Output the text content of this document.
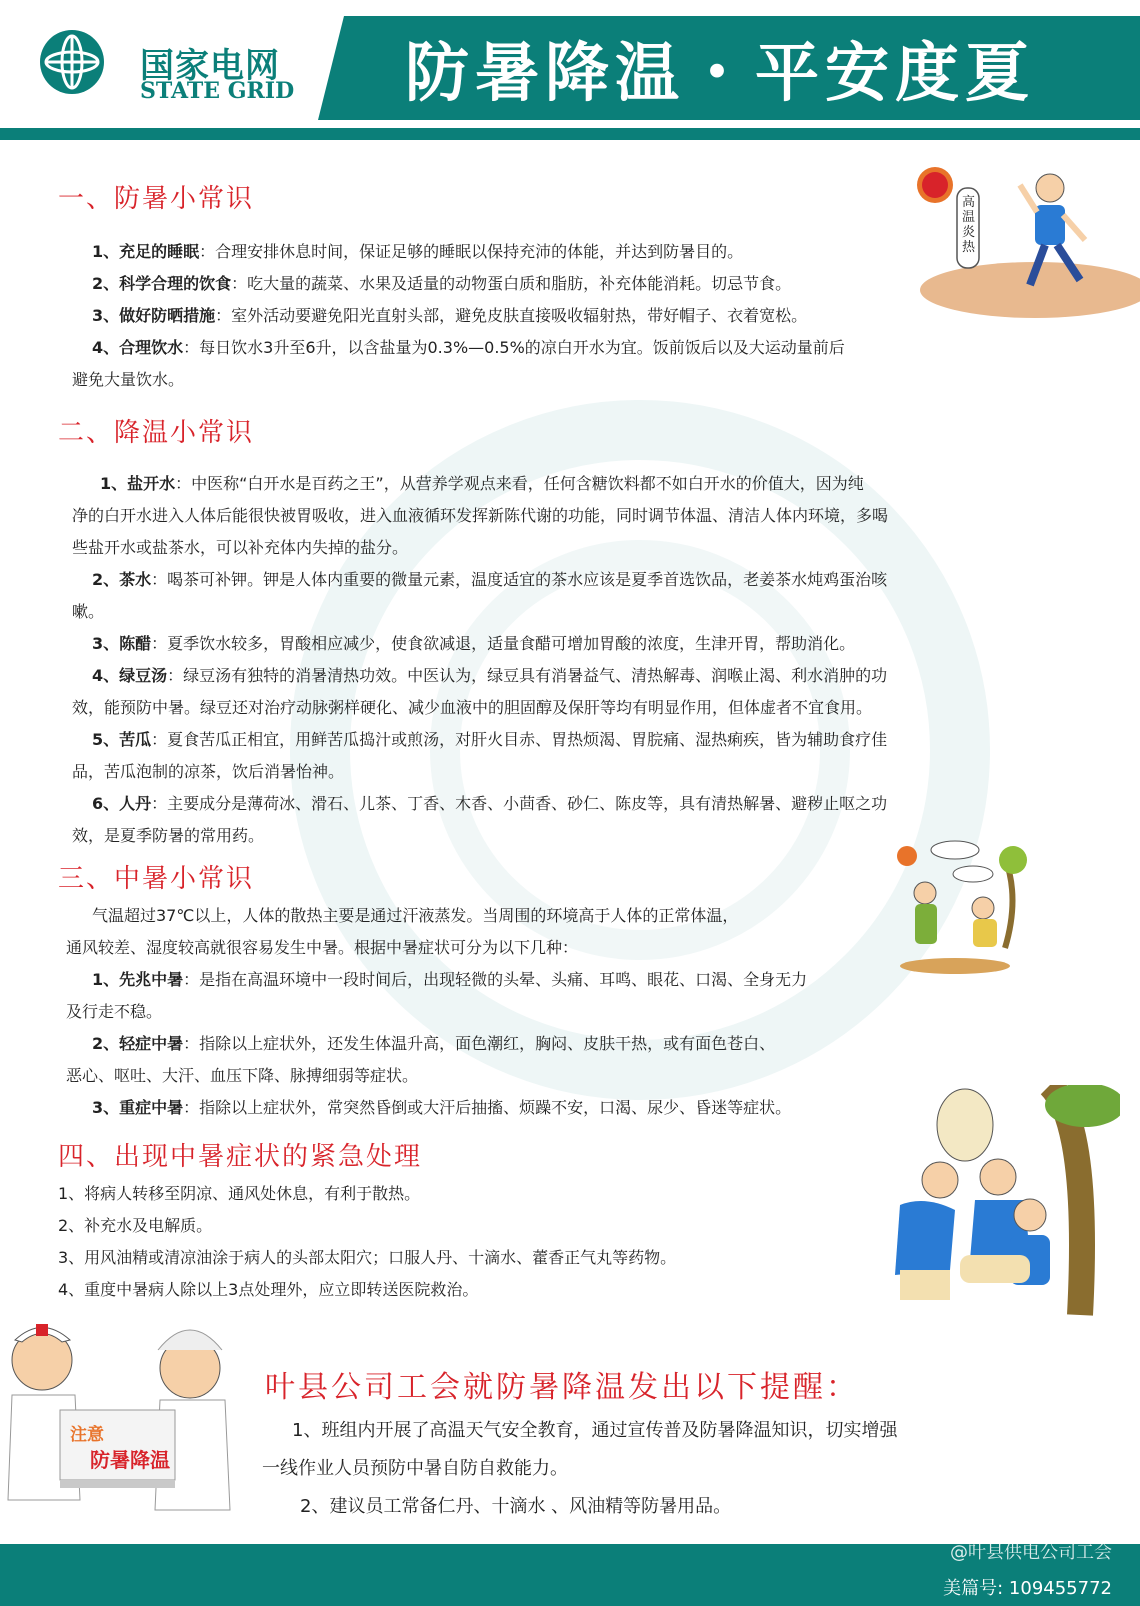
国家电网
STATE GRID 防暑降温・平安度夏
高温炎热
一、防暑小常识
1、充足的睡眠：合理安排休息时间，保证足够的睡眠以保持充沛的体能，并达到防暑目的。
2、科学合理的饮食：吃大量的蔬菜、水果及适量的动物蛋白质和脂肪，补充体能消耗。切忌节食。
3、做好防晒措施：室外活动要避免阳光直射头部，避免皮肤直接吸收辐射热，带好帽子、衣着宽松。
4、合理饮水：每日饮水3升至6升，以含盐量为0.3%—0.5%的凉白开水为宜。饭前饭后以及大运动量前后
避免大量饮水。
二、降温小常识
1、盐开水：中医称“白开水是百药之王”，从营养学观点来看，任何含糖饮料都不如白开水的价值大，因为纯
净的白开水进入人体后能很快被胃吸收，进入血液循环发挥新陈代谢的功能，同时调节体温、清洁人体内环境，多喝
些盐开水或盐茶水，可以补充体内失掉的盐分。
2、茶水：喝茶可补钾。钾是人体内重要的微量元素，温度适宜的茶水应该是夏季首选饮品，老姜茶水炖鸡蛋治咳
嗽。
3、陈醋：夏季饮水较多，胃酸相应减少，使食欲减退，适量食醋可增加胃酸的浓度，生津开胃，帮助消化。
4、绿豆汤：绿豆汤有独特的消暑清热功效。中医认为，绿豆具有消暑益气、清热解毒、润喉止渴、利水消肿的功
效，能预防中暑。绿豆还对治疗动脉粥样硬化、减少血液中的胆固醇及保肝等均有明显作用，但体虚者不宜食用。
5、苦瓜：夏食苦瓜正相宜，用鲜苦瓜捣汁或煎汤，对肝火目赤、胃热烦渴、胃脘痛、湿热痢疾，皆为辅助食疗佳
品，苦瓜泡制的凉茶，饮后消暑怡神。
6、人丹：主要成分是薄荷冰、滑石、儿茶、丁香、木香、小茴香、砂仁、陈皮等，具有清热解暑、避秽止呕之功
效，是夏季防暑的常用药。
三、中暑小常识
气温超过37℃以上，人体的散热主要是通过汗液蒸发。当周围的环境高于人体的正常体温，
通风较差、湿度较高就很容易发生中暑。根据中暑症状可分为以下几种：
1、先兆中暑：是指在高温环境中一段时间后，出现轻微的头晕、头痛、耳鸣、眼花、口渴、全身无力
及行走不稳。
2、轻症中暑：指除以上症状外，还发生体温升高，面色潮红，胸闷、皮肤干热，或有面色苍白、
恶心、呕吐、大汗、血压下降、脉搏细弱等症状。
3、重症中暑：指除以上症状外，常突然昏倒或大汗后抽搐、烦躁不安，口渴、尿少、昏迷等症状。
四、出现中暑症状的紧急处理
1、将病人转移至阴凉、通风处休息，有利于散热。
2、补充水及电解质。
3、用风油精或清凉油涂于病人的头部太阳穴；口服人丹、十滴水、藿香正气丸等药物。
4、重度中暑病人除以上3点处理外，应立即转送医院救治。
注意
防暑降温
叶县公司工会就防暑降温发出以下提醒：
1、班组内开展了高温天气安全教育，通过宣传普及防暑降温知识，切实增强
一线作业人员预防中暑自防自救能力。
2、建议员工常备仁丹、十滴水 、风油精等防暑用品。
@叶县供电公司工会
美篇号: 109455772
